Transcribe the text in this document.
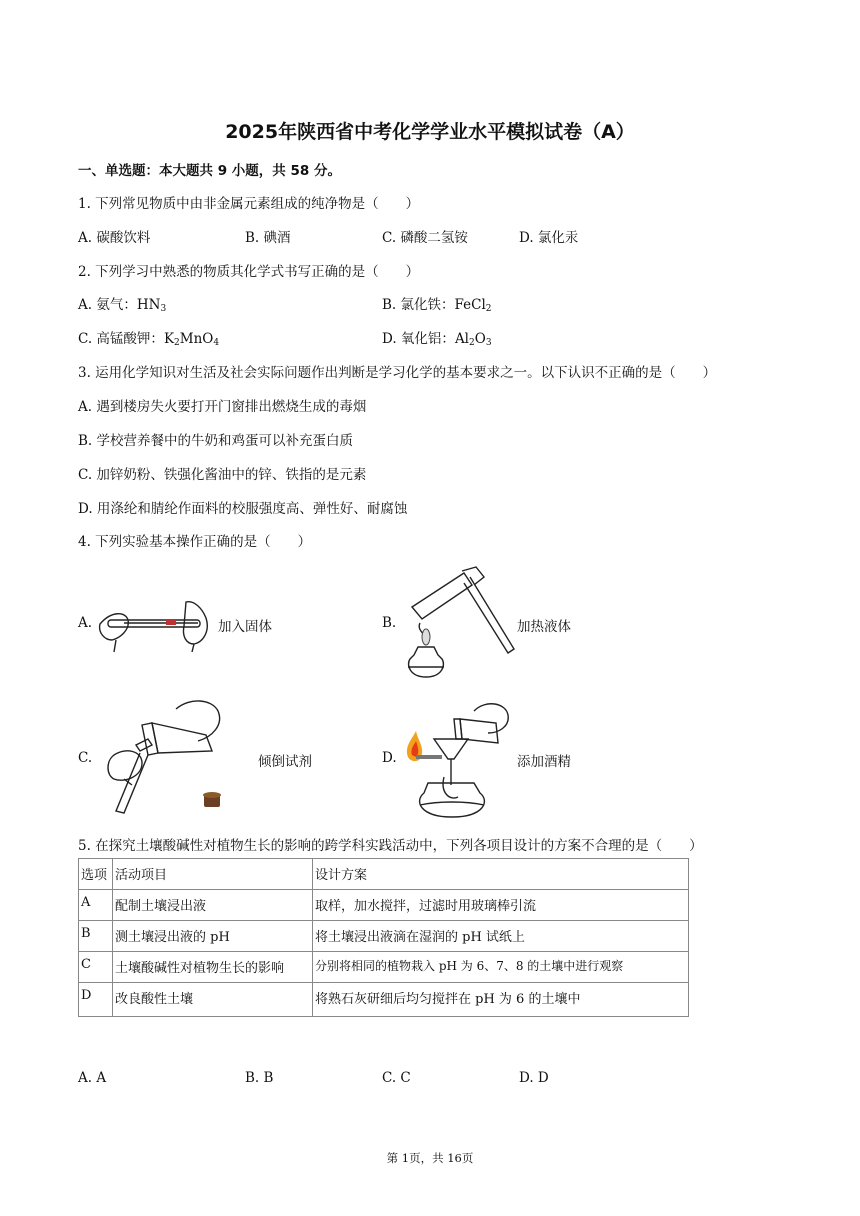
2025年陕西省中考化学学业水平模拟试卷（A）
一、单选题：本大题共 9 小题，共 58 分。
1. 下列常见物质中由非金属元素组成的纯净物是（　　）
A. 碳酸饮料	B. 碘酒	C. 磷酸二氢铵	D. 氯化汞
2. 下列学习中熟悉的物质其化学式书写正确的是（　　）
A. 氨气：$HN_3$	B. 氯化铁：FeCl$_2$
C. 高锰酸钾：$K_2MnO_4$	D. 氧化铝：$Al_2O_3$
3. 运用化学知识对生活及社会实际问题作出判断是学习化学的基本要求之一。以下认识不正确的是（　　）
A. 遇到楼房失火要打开门窗排出燃烧生成的毒烟
B. 学校营养餐中的牛奶和鸡蛋可以补充蛋白质
C. 加锌奶粉、铁强化酱油中的锌、铁指的是元素
D. 用涤纶和腈纶作面料的校服强度高、弹性好、耐腐蚀
4. 下列实验基本操作正确的是（　　）
A.	加入固体	B.	加热液体
C.	倾倒试剂	D.	添加酒精
5. 在探究土壤酸碱性对植物生长的影响的跨学科实践活动中，下列各项目设计的方案不合理的是（　　）
选项	活动项目	设计方案
A	配制土壤浸出液	取样，加水搅拌，过滤时用玻璃棒引流
B	测土壤浸出液的 pH	将土壤浸出液滴在湿润的 pH 试纸上
C	土壤酸碱性对植物生长的影响	分别将相同的植物栽入 pH 为 6、7、8 的土壤中进行观察
D	改良酸性土壤	将熟石灰研细后均匀搅拌在 pH 为 6 的土壤中
A. A	B. B	C. C	D. D
第 1页，共 16页
